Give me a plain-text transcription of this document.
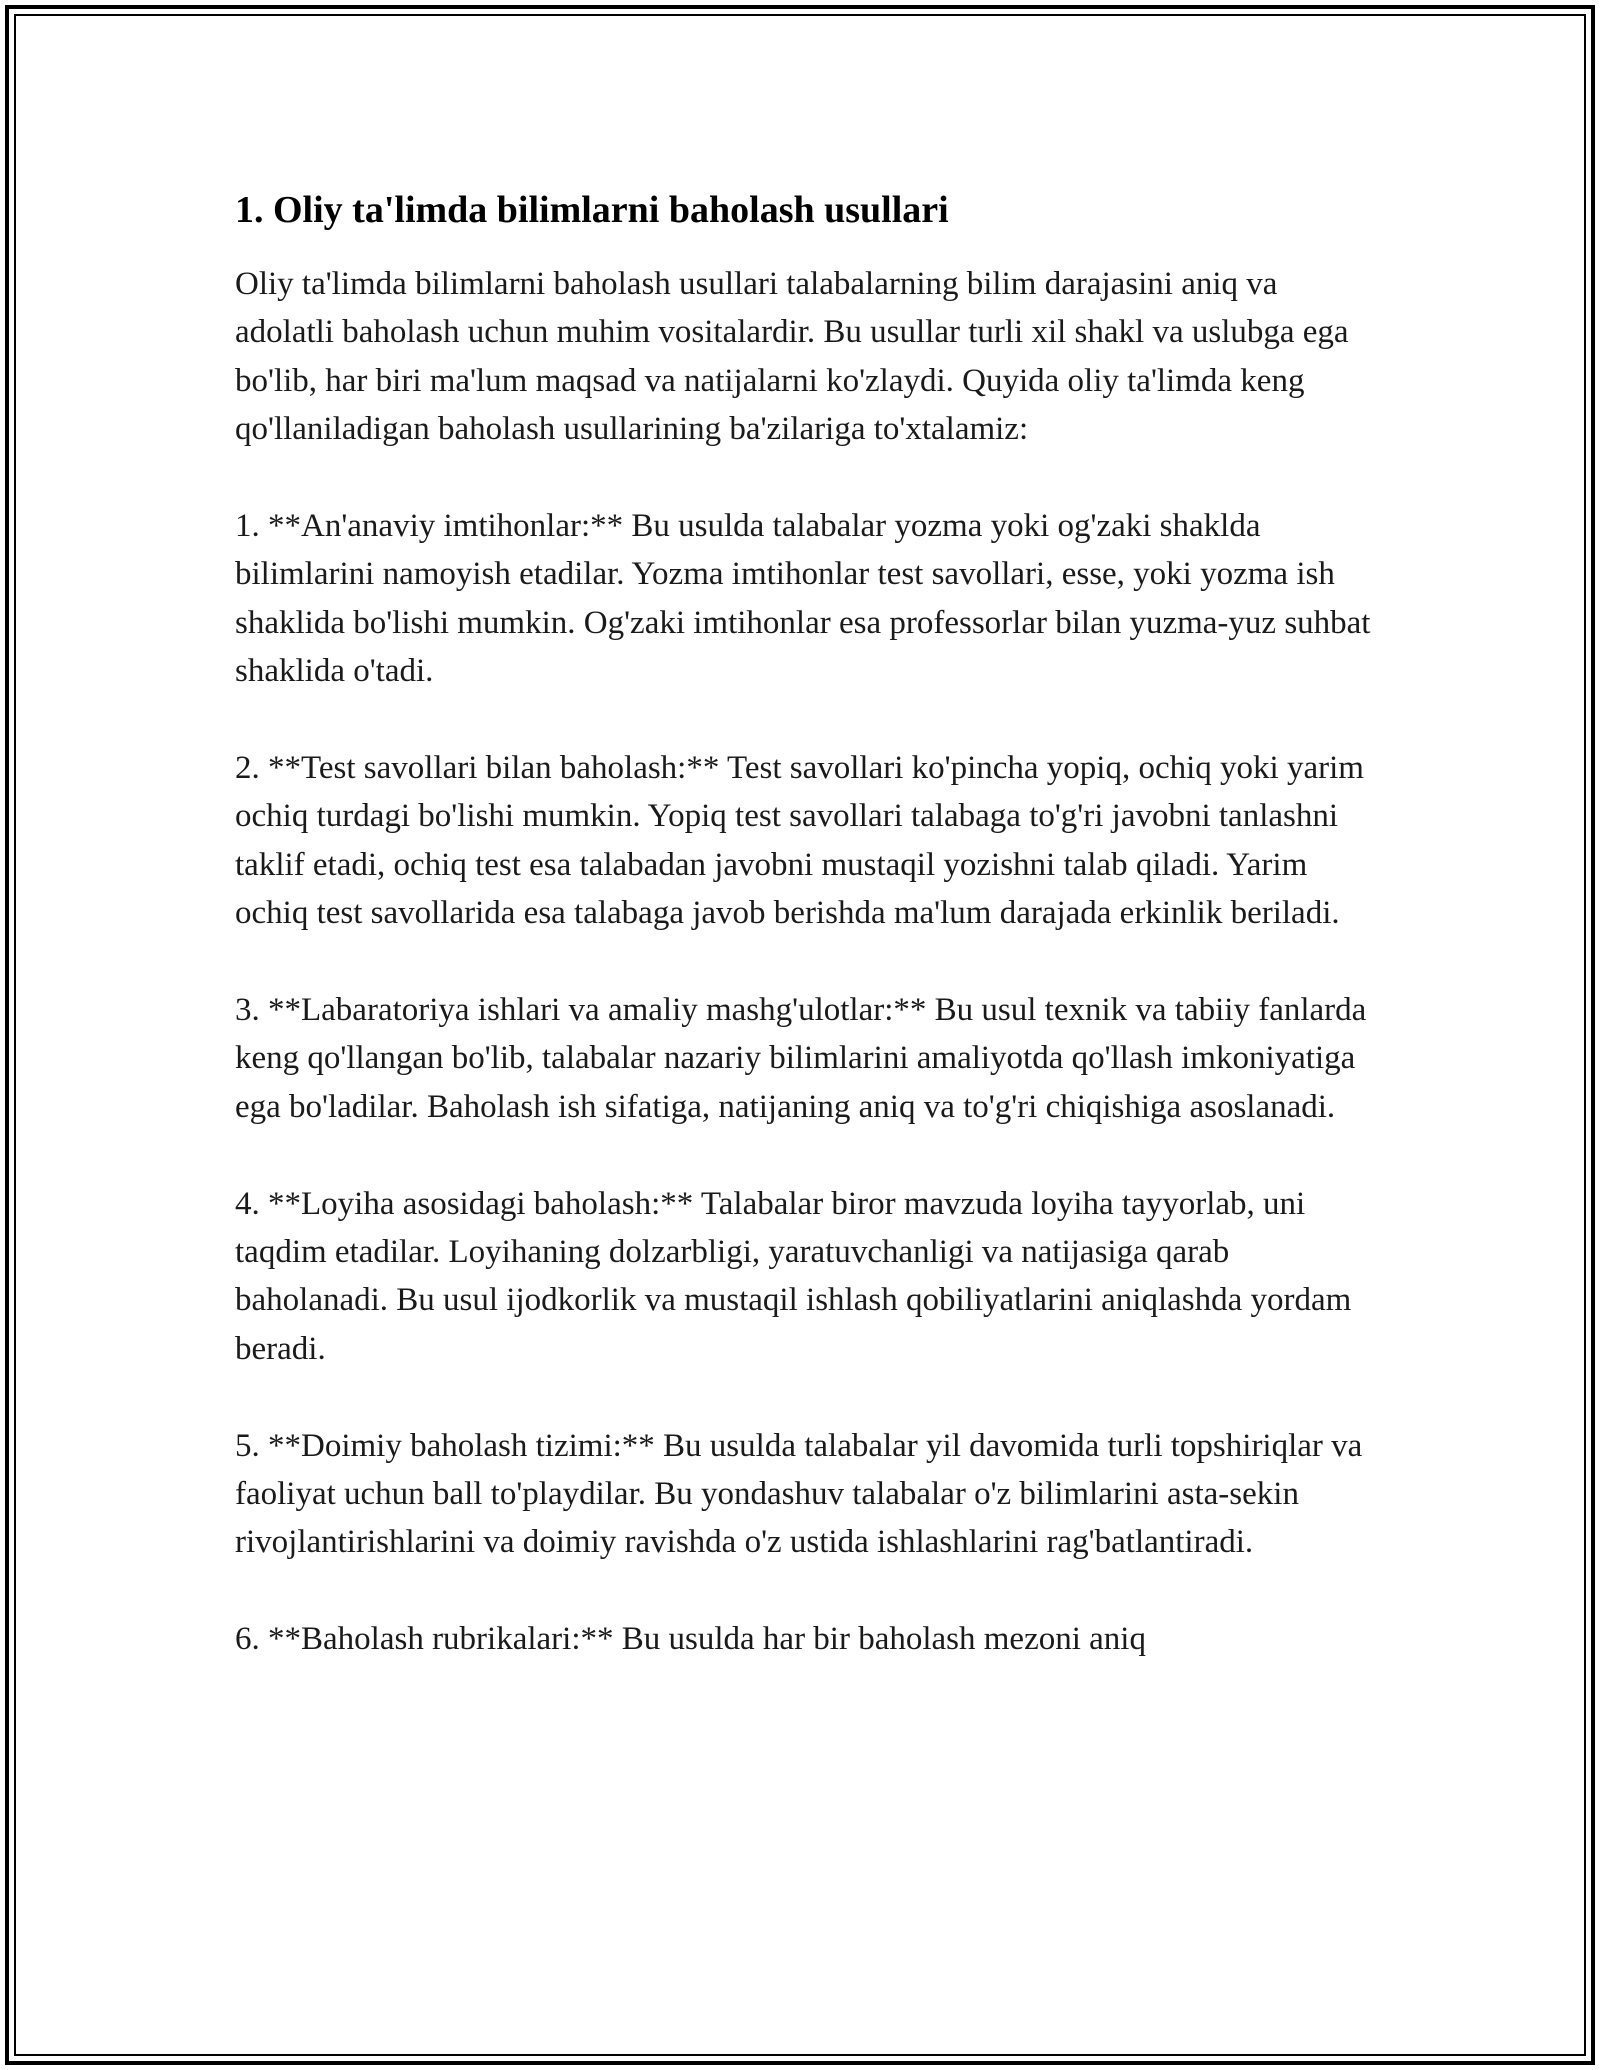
1. Oliy ta'limda bilimlarni baholash usullari

Oliy ta'limda bilimlarni baholash usullari talabalarning bilim darajasini aniq va adolatli baholash uchun muhim vositalardir. Bu usullar turli xil shakl va uslubga ega bo'lib, har biri ma'lum maqsad va natijalarni ko'zlaydi. Quyida oliy ta'limda keng qo'llaniladigan baholash usullarining ba'zilariga to'xtalamiz:

1. **An'anaviy imtihonlar:** Bu usulda talabalar yozma yoki og'zaki shaklda bilimlarini namoyish etadilar. Yozma imtihonlar test savollari, esse, yoki yozma ish shaklida bo'lishi mumkin. Og'zaki imtihonlar esa professorlar bilan yuzma-yuz suhbat shaklida o'tadi.

2. **Test savollari bilan baholash:** Test savollari ko'pincha yopiq, ochiq yoki yarim ochiq turdagi bo'lishi mumkin. Yopiq test savollari talabaga to'g'ri javobni tanlashni taklif etadi, ochiq test esa talabadan javobni mustaqil yozishni talab qiladi. Yarim ochiq test savollarida esa talabaga javob berishda ma'lum darajada erkinlik beriladi.

3. **Labaratoriya ishlari va amaliy mashg'ulotlar:** Bu usul texnik va tabiiy fanlarda keng qo'llangan bo'lib, talabalar nazariy bilimlarini amaliyotda qo'llash imkoniyatiga ega bo'ladilar. Baholash ish sifatiga, natijaning aniq va to'g'ri chiqishiga asoslanadi.

4. **Loyiha asosidagi baholash:** Talabalar biror mavzuda loyiha tayyorlab, uni taqdim etadilar. Loyihaning dolzarbligi, yaratuvchanligi va natijasiga qarab baholanadi. Bu usul ijodkorlik va mustaqil ishlash qobiliyatlarini aniqlashda yordam beradi.

5. **Doimiy baholash tizimi:** Bu usulda talabalar yil davomida turli topshiriqlar va faoliyat uchun ball to'playdilar. Bu yondashuv talabalar o'z bilimlarini asta-sekin rivojlantirishlarini va doimiy ravishda o'z ustida ishlashlarini rag'batlantiradi.

6. **Baholash rubrikalari:** Bu usulda har bir baholash mezoni aniq
